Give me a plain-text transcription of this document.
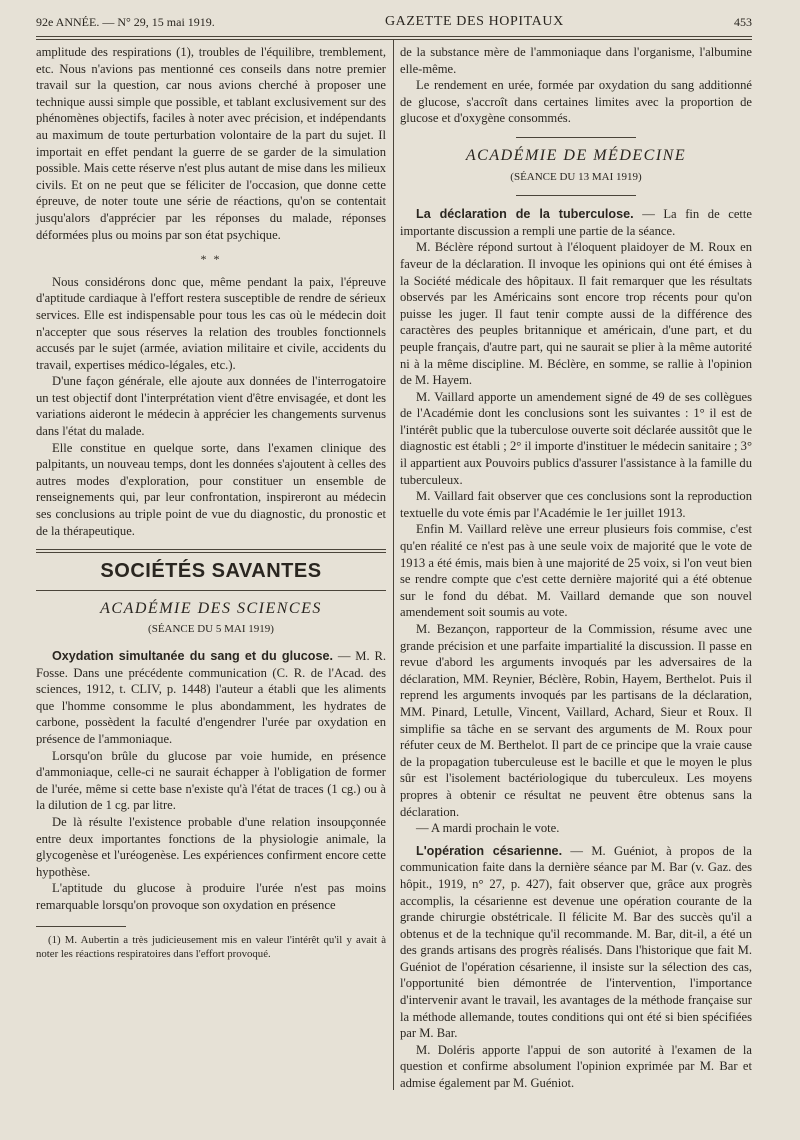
92e ANNÉE. — N° 29, 15 mai 1919.	GAZETTE DES HOPITAUX	453

amplitude des respirations (1), troubles de l'équilibre, tremblement, etc. Nous n'avions pas mentionné ces conseils dans notre premier travail sur la question, car nous avions cherché à proposer une technique aussi simple que possible, et tablant exclusivement sur des phénomènes objectifs, faciles à noter avec précision, et indépendants au maximum de toute perturbation volontaire de la part du sujet. Il importait en effet pendant la guerre de se garder de la simulation possible. Mais cette réserve n'est plus autant de mise dans les milieux civils. Et on ne peut que se féliciter de l'occasion, que donne cette épreuve, de noter toute une série de réactions, qu'on se contentait jusqu'alors d'apprécier par les réponses du malade, réponses déformées plus ou moins par son état psychique.

* *

Nous considérons donc que, même pendant la paix, l'épreuve d'aptitude cardiaque à l'effort restera susceptible de rendre de sérieux services. Elle est indispensable pour tous les cas où le médecin doit n'accepter que sous réserves la relation des troubles fonctionnels accusés par le sujet (armée, aviation militaire et civile, accidents du travail, expertises médico-légales, etc.).

D'une façon générale, elle ajoute aux données de l'interrogatoire un test objectif dont l'interprétation vient d'être envisagée, et dont les variations aideront le médecin à apprécier les changements survenus dans l'état du malade.

Elle constitue en quelque sorte, dans l'examen clinique des palpitants, un nouveau temps, dont les données s'ajoutent à celles des autres modes d'exploration, pour constituer un ensemble de renseignements qui, par leur confrontation, inspireront au médecin ses conclusions au triple point de vue du diagnostic, du pronostic et de la thérapeutique.

SOCIÉTÉS SAVANTES
ACADÉMIE DES SCIENCES
(SÉANCE DU 5 MAI 1919)

Oxydation simultanée du sang et du glucose. — M. R. Fosse. Dans une précédente communication (C. R. de l'Acad. des sciences, 1912, t. CLIV, p. 1448) l'auteur a établi que les aliments que l'homme consomme le plus abondamment, les hydrates de carbone, possèdent la faculté d'engendrer l'urée par oxydation en présence de l'ammoniaque.

Lorsqu'on brûle du glucose par voie humide, en présence d'ammoniaque, celle-ci ne saurait échapper à l'obligation de former de l'urée, même si cette base n'existe qu'à l'état de traces (1 cg.) ou à la dilution de 1 cg. par litre.

De là résulte l'existence probable d'une relation insoupçonnée entre deux importantes fonctions de la physiologie animale, la glycogenèse et l'uréogenèse. Les expériences confirment encore cette hypothèse.

L'aptitude du glucose à produire l'urée n'est pas moins remarquable lorsqu'on provoque son oxydation en présence

(1) M. Aubertin a très judicieusement mis en valeur l'intérêt qu'il y avait à noter les réactions respiratoires dans l'effort provoqué.

de la substance mère de l'ammoniaque dans l'organisme, l'albumine elle-même.

Le rendement en urée, formée par oxydation du sang additionné de glucose, s'accroît dans certaines limites avec la proportion de glucose et d'oxygène consommés.

ACADÉMIE DE MÉDECINE
(SÉANCE DU 13 MAI 1919)

La déclaration de la tuberculose. — La fin de cette importante discussion a rempli une partie de la séance.

M. Béclère répond surtout à l'éloquent plaidoyer de M. Roux en faveur de la déclaration. Il invoque les opinions qui ont été émises à la Société médicale des hôpitaux. Il fait remarquer que les résultats observés par les Américains sont encore trop récents pour qu'on puisse les juger. Il faut tenir compte aussi de la différence des caractères des peuples britannique et américain, d'une part, et du peuple français, d'autre part, qui ne saurait se plier à la même autorité ni à la même discipline. M. Béclère, en somme, se rallie à l'opinion de M. Hayem.

M. Vaillard apporte un amendement signé de 49 de ses collègues de l'Académie dont les conclusions sont les suivantes : 1° il est de l'intérêt public que la tuberculose ouverte soit déclarée aussitôt que le diagnostic est établi ; 2° il importe d'instituer le médecin sanitaire ; 3° il appartient aux Pouvoirs publics d'assurer l'assistance à la famille du tuberculeux.

M. Vaillard fait observer que ces conclusions sont la reproduction textuelle du vote émis par l'Académie le 1er juillet 1913.

Enfin M. Vaillard relève une erreur plusieurs fois commise, c'est qu'en réalité ce n'est pas à une seule voix de majorité que le vote de 1913 a été émis, mais bien à une majorité de 25 voix, si l'on veut bien se rendre compte que c'est cette dernière majorité qui a été obtenue sur le fond du débat. M. Vaillard demande que son nouvel amendement soit soumis au vote.

M. Bezançon, rapporteur de la Commission, résume avec une grande précision et une parfaite impartialité la discussion. Il passe en revue d'abord les arguments invoqués par les adversaires de la déclaration, MM. Reynier, Béclère, Robin, Hayem, Berthelot. Puis il reprend les arguments invoqués par les partisans de la déclaration, MM. Pinard, Letulle, Vincent, Vaillard, Achard, Sieur et Roux. Il simplifie sa tâche en se servant des arguments de M. Roux pour réfuter ceux de M. Berthelot. Il part de ce principe que la vraie cause de la propagation tuberculeuse est le bacille et que le moyen le plus sûr est l'isolement bactériologique du tuberculeux. Les moyens propres à obtenir ce résultat ne peuvent être obtenus sans la déclaration.

— A mardi prochain le vote.

L'opération césarienne. — M. Guéniot, à propos de la communication faite dans la dernière séance par M. Bar (v. Gaz. des hôpit., 1919, n° 27, p. 427), fait observer que, grâce aux progrès accomplis, la césarienne est devenue une opération courante de la grande chirurgie obstétricale. Il félicite M. Bar des succès qu'il a obtenus et de la technique qu'il recommande. M. Bar, dit-il, a été un des grands artisans des progrès réalisés. Dans l'historique que fait M. Guéniot de l'opération césarienne, il insiste sur la sélection des cas, l'opportunité bien démontrée de l'intervention, l'importance d'intervenir avant le travail, les avantages de la méthode française sur la méthode allemande, toutes conditions qui ont été si bien spécifiées par M. Bar.

M. Doléris apporte l'appui de son autorité à l'examen de la question et confirme absolument l'opinion exprimée par M. Bar et admise également par M. Guéniot.
